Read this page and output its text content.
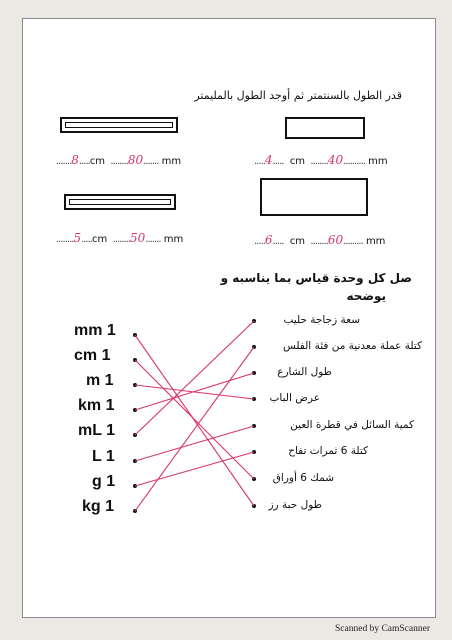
قدر الطول بالسنتمتر ثم أوجد الطول بالمليمتر
.......8.....cm  ........80....... mm	.....4..... cm  ........40.......... mm
........5.....cm  ........50....... mm	.....6..... cm  ........60......... mm
صل كل وحدة قياس بما يناسبه و
يوضحه
mm 1
cm 1
m 1
km 1
mL 1
L 1
g 1
kg 1
سعة زجاجة حليب
كتلة عملة معدنية من فئة الفلس
طول الشارع
عرض الباب
كمية السائل في قطرة العين
كتلة 6 ثمرات تفاح
شمك 6 أوراق
طول حبة رز
Scanned by CamScanner
